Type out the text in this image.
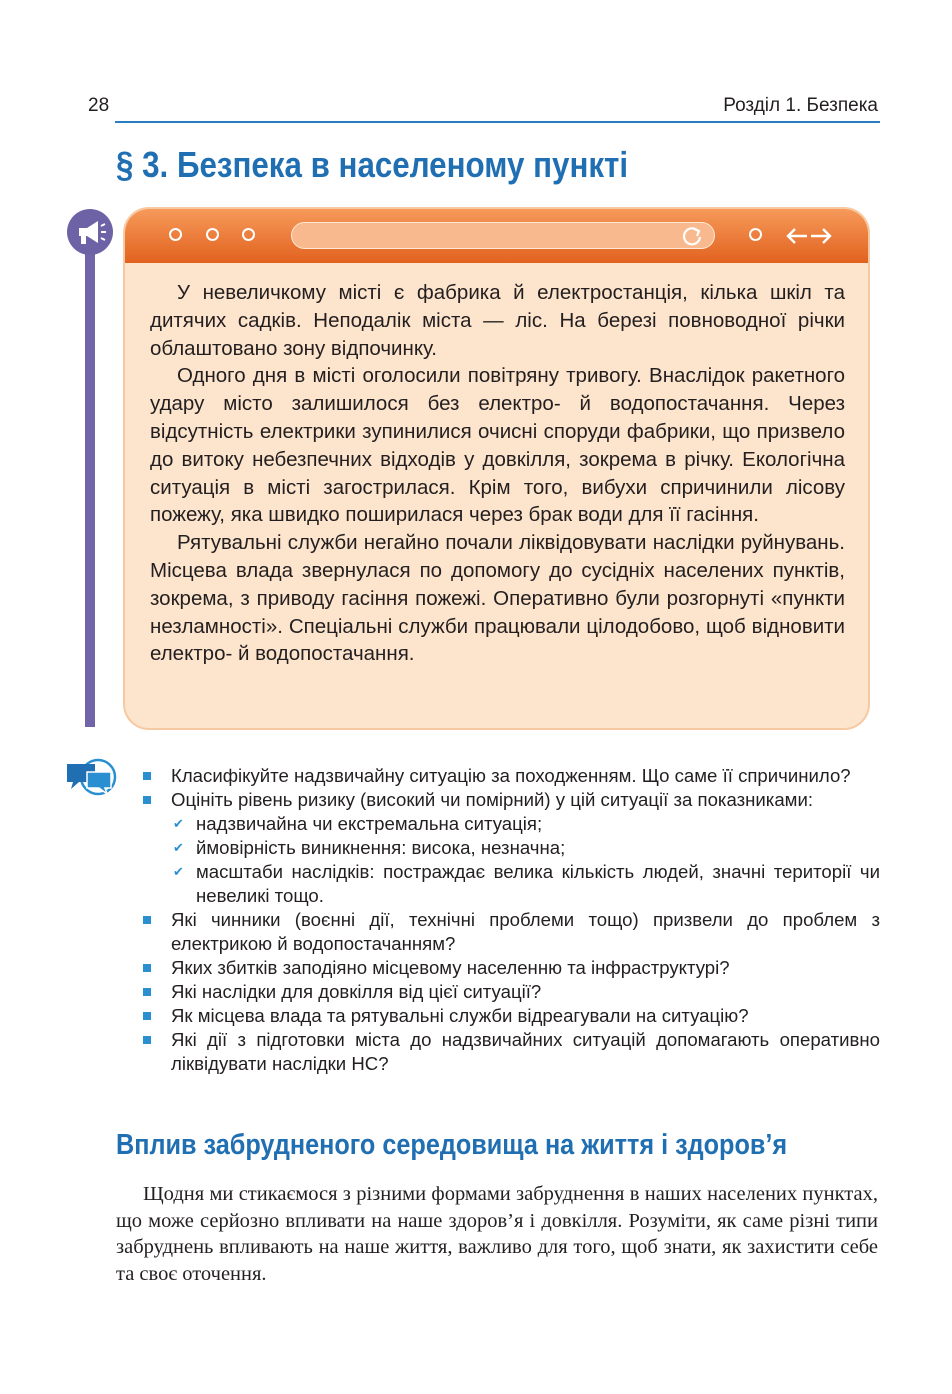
28	Розділ 1. Безпека
§ 3. Безпека в населеному пункті

У невеличкому місті є фабрика й електростанція, кілька шкіл та дитячих садків. Неподалік міста — ліс. На березі повноводної річки облаштовано зону відпочинку.

Одного дня в місті оголосили повітряну тривогу. Внаслідок ракетного удару місто залишилося без електро- й водопостачання. Через відсутність електрики зупинилися очисні споруди фабрики, що призвело до витоку небезпечних відходів у довкілля, зокрема в річку. Екологічна ситуація в місті загострилася. Крім того, вибухи спричинили лісову пожежу, яка швидко поширилася через брак води для її гасіння.

Рятувальні служби негайно почали ліквідовувати наслідки руйнувань. Місцева влада звернулася по допомогу до сусідніх населених пунктів, зокрема, з приводу гасіння пожежі. Оперативно були розгорнуті «пункти незламності». Спеціальні служби працювали цілодобово, щоб відновити електро- й водопостачання.

Класифікуйте надзвичайну ситуацію за походженням. Що саме її спричинило?
Оцініть рівень ризику (високий чи помірний) у цій ситуації за показниками:
✔ надзвичайна чи екстремальна ситуація;
✔ ймовірність виникнення: висока, незначна;
✔ масштаби наслідків: постраждає велика кількість людей, значні території чи невеликі тощо.
Які чинники (воєнні дії, технічні проблеми тощо) призвели до проблем з електрикою й водопостачанням?
Яких збитків заподіяно місцевому населенню та інфраструктурі?
Які наслідки для довкілля від цієї ситуації?
Як місцева влада та рятувальні служби відреагували на ситуацію?
Які дії з підготовки міста до надзвичайних ситуацій допомагають оперативно ліквідувати наслідки НС?
Вплив забрудненого середовища на життя і здоров’я

Щодня ми стикаємося з різними формами забруднення в наших населених пунктах, що може серйозно впливати на наше здоров’я і довкілля. Розуміти, як саме різні типи забруднень впливають на наше життя, важливо для того, щоб знати, як захистити себе та своє оточення.
